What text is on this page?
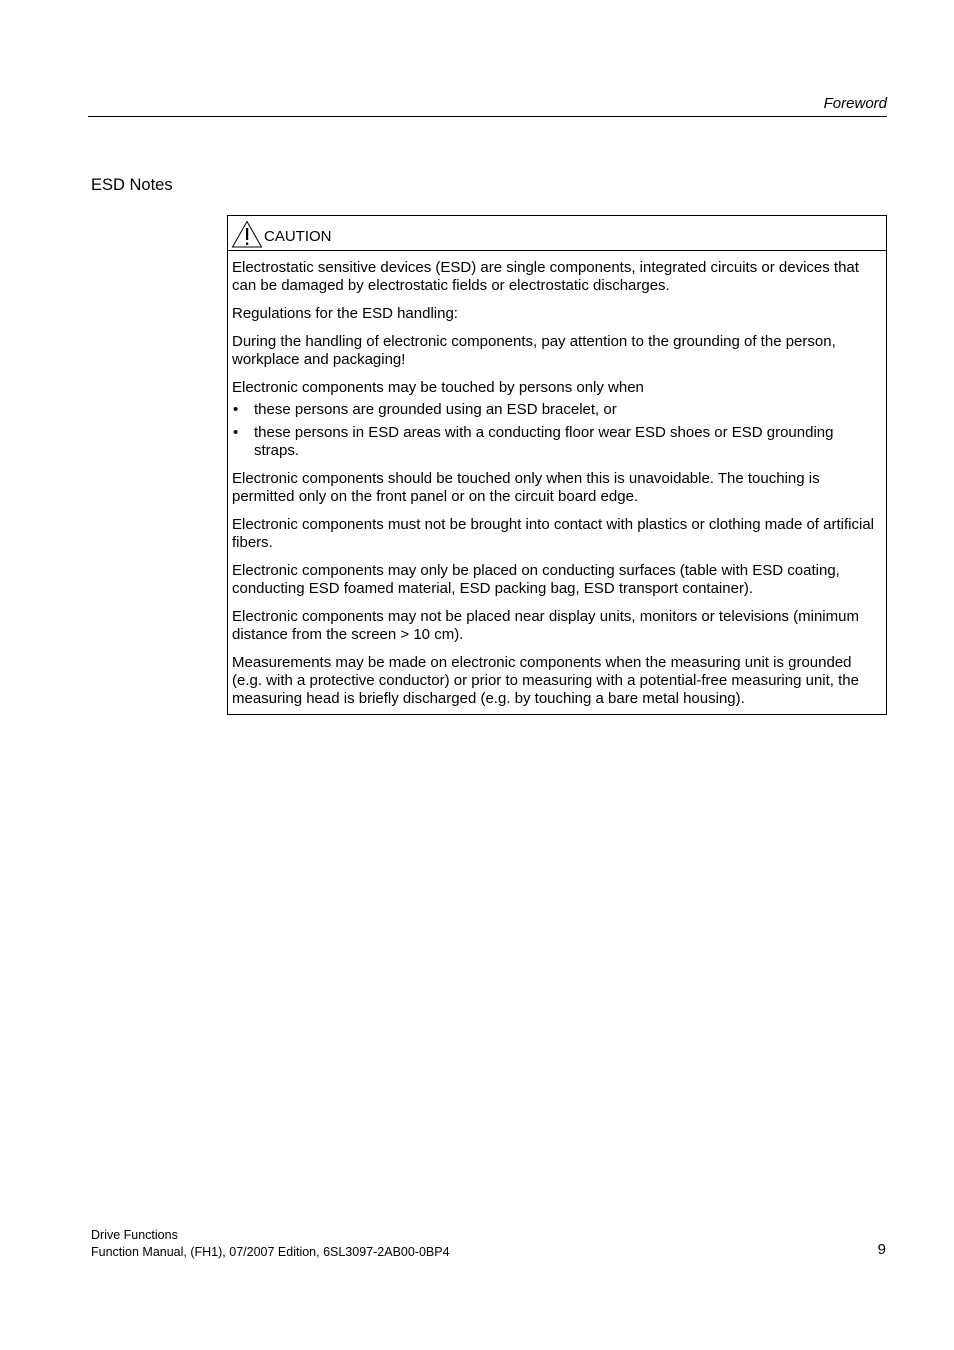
Foreword
ESD Notes
CAUTION

Electrostatic sensitive devices (ESD) are single components, integrated circuits or devices that can be damaged by electrostatic fields or electrostatic discharges.

Regulations for the ESD handling:

During the handling of electronic components, pay attention to the grounding of the person, workplace and packaging!

Electronic components may be touched by persons only when

• these persons are grounded using an ESD bracelet, or
• these persons in ESD areas with a conducting floor wear ESD shoes or ESD grounding straps.

Electronic components should be touched only when this is unavoidable. The touching is permitted only on the front panel or on the circuit board edge.

Electronic components must not be brought into contact with plastics or clothing made of artificial fibers.

Electronic components may only be placed on conducting surfaces (table with ESD coating, conducting ESD foamed material, ESD packing bag, ESD transport container).

Electronic components may not be placed near display units, monitors or televisions (minimum distance from the screen > 10 cm).

Measurements may be made on electronic components when the measuring unit is grounded (e.g. with a protective conductor) or prior to measuring with a potential-free measuring unit, the measuring head is briefly discharged (e.g. by touching a bare metal housing).

Drive Functions
Function Manual, (FH1), 07/2007 Edition, 6SL3097-2AB00-0BP4	9
